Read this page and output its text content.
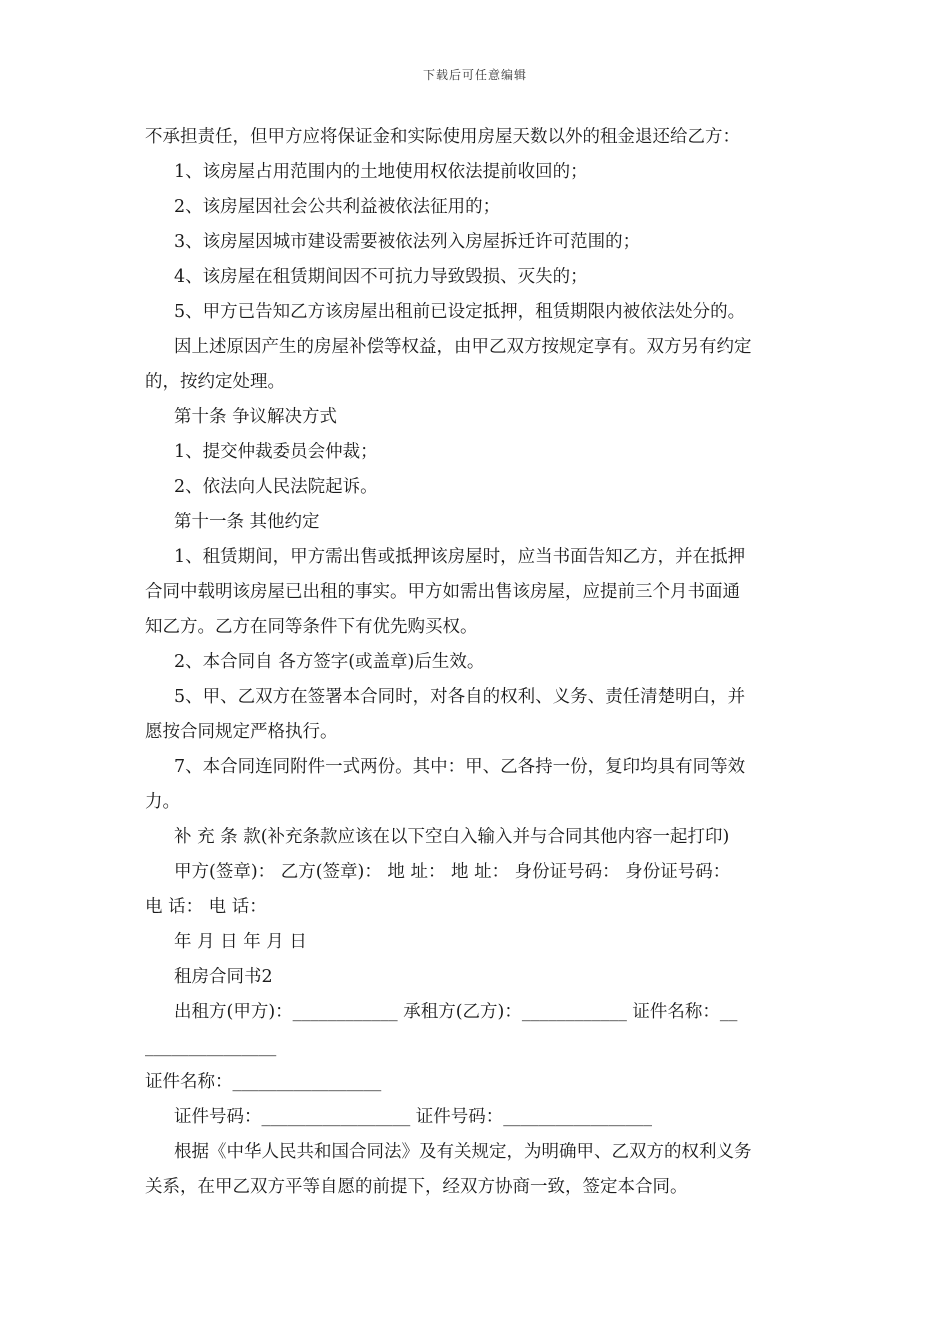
下载后可任意编辑

不承担责任，但甲方应将保证金和实际使用房屋天数以外的租金退还给乙方：

1、该房屋占用范围内的土地使用权依法提前收回的；

2、该房屋因社会公共利益被依法征用的；

3、该房屋因城市建设需要被依法列入房屋拆迁许可范围的；

4、该房屋在租赁期间因不可抗力导致毁损、灭失的；

5、甲方已告知乙方该房屋出租前已设定抵押，租赁期限内被依法处分的。

因上述原因产生的房屋补偿等权益，由甲乙双方按规定享有。双方另有约定

的，按约定处理。

第十条 争议解决方式

1、提交仲裁委员会仲裁；

2、依法向人民法院起诉。

第十一条 其他约定

1、租赁期间，甲方需出售或抵押该房屋时，应当书面告知乙方，并在抵押

合同中载明该房屋已出租的事实。甲方如需出售该房屋，应提前三个月书面通

知乙方。乙方在同等条件下有优先购买权。

2、本合同自 各方签字(或盖章)后生效。

5、甲、乙双方在签署本合同时，对各自的权利、义务、责任清楚明白，并

愿按合同规定严格执行。

7、本合同连同附件一式两份。其中：甲、乙各持一份，复印均具有同等效

力。

补 充 条 款(补充条款应该在以下空白入输入并与合同其他内容一起打印)

甲方(签章)： 乙方(签章)： 地 址： 地 址： 身份证号码： 身份证号码：

电 话： 电 话：

年 月 日 年 月 日

租房合同书2

出租方(甲方)：____________ 承租方(乙方)：____________ 证件名称：__

_______________

证件名称：_________________

证件号码：_________________ 证件号码：_________________

根据《中华人民共和国合同法》及有关规定，为明确甲、乙双方的权利义务

关系，在甲乙双方平等自愿的前提下，经双方协商一致，签定本合同。
